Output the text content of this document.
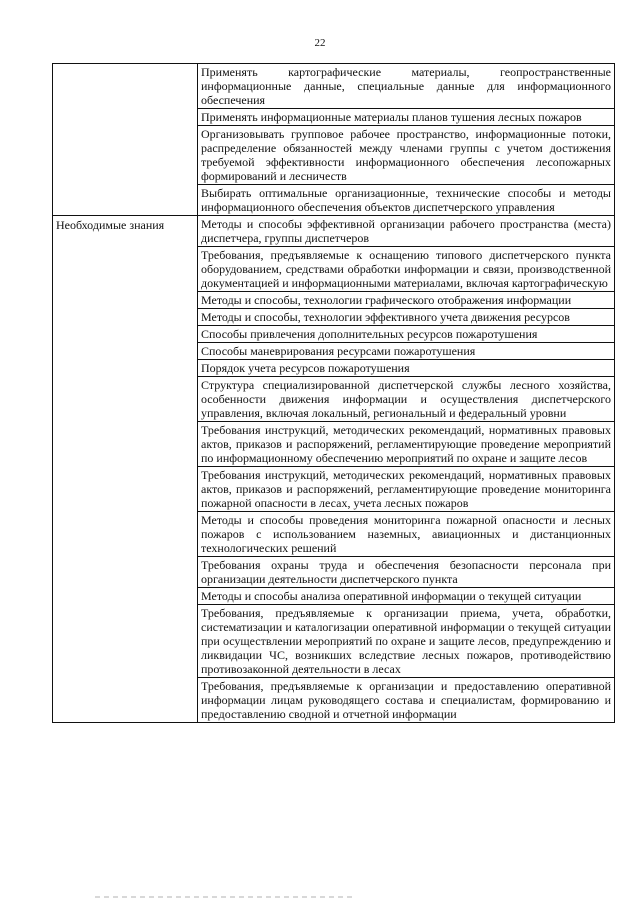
22
	Применять картографические материалы, геопространственные информационные данные, специальные данные для информационного обеспечения
	Применять информационные материалы планов тушения лесных пожаров
	Организовывать групповое рабочее пространство, информационные потоки, распределение обязанностей между членами группы с учетом достижения требуемой эффективности информационного обеспечения лесопожарных формирований и лесничеств
	Выбирать оптимальные организационные, технические способы и методы информационного обеспечения объектов диспетчерского управления

Необходимые знания	Методы и способы эффективной организации рабочего пространства (места) диспетчера, группы диспетчеров
	Требования, предъявляемые к оснащению типового диспетчерского пункта оборудованием, средствами обработки информации и связи, производственной документацией и информационными материалами, включая картографическую
	Методы и способы, технологии графического отображения информации
	Методы и способы, технологии эффективного учета движения ресурсов
	Способы привлечения дополнительных ресурсов пожаротушения
	Способы маневрирования ресурсами пожаротушения
	Порядок учета ресурсов пожаротушения
	Структура специализированной диспетчерской службы лесного хозяйства, особенности движения информации и осуществления диспетчерского управления, включая локальный, региональный и федеральный уровни
	Требования инструкций, методических рекомендаций, нормативных правовых актов, приказов и распоряжений, регламентирующие проведение мероприятий по информационному обеспечению мероприятий по охране и защите лесов
	Требования инструкций, методических рекомендаций, нормативных правовых актов, приказов и распоряжений, регламентирующие проведение мониторинга пожарной опасности в лесах, учета лесных пожаров
	Методы и способы проведения мониторинга пожарной опасности и лесных пожаров с использованием наземных, авиационных и дистанционных технологических решений
	Требования охраны труда и обеспечения безопасности персонала при организации деятельности диспетчерского пункта
	Методы и способы анализа оперативной информации о текущей ситуации
	Требования, предъявляемые к организации приема, учета, обработки, систематизации и каталогизации оперативной информации о текущей ситуации при осуществлении мероприятий по охране и защите лесов, предупреждению и ликвидации ЧС, возникших вследствие лесных пожаров, противодействию противозаконной деятельности в лесах
	Требования, предъявляемые к организации и предоставлению оперативной информации лицам руководящего состава и специалистам, формированию и предоставлению сводной и отчетной информации
